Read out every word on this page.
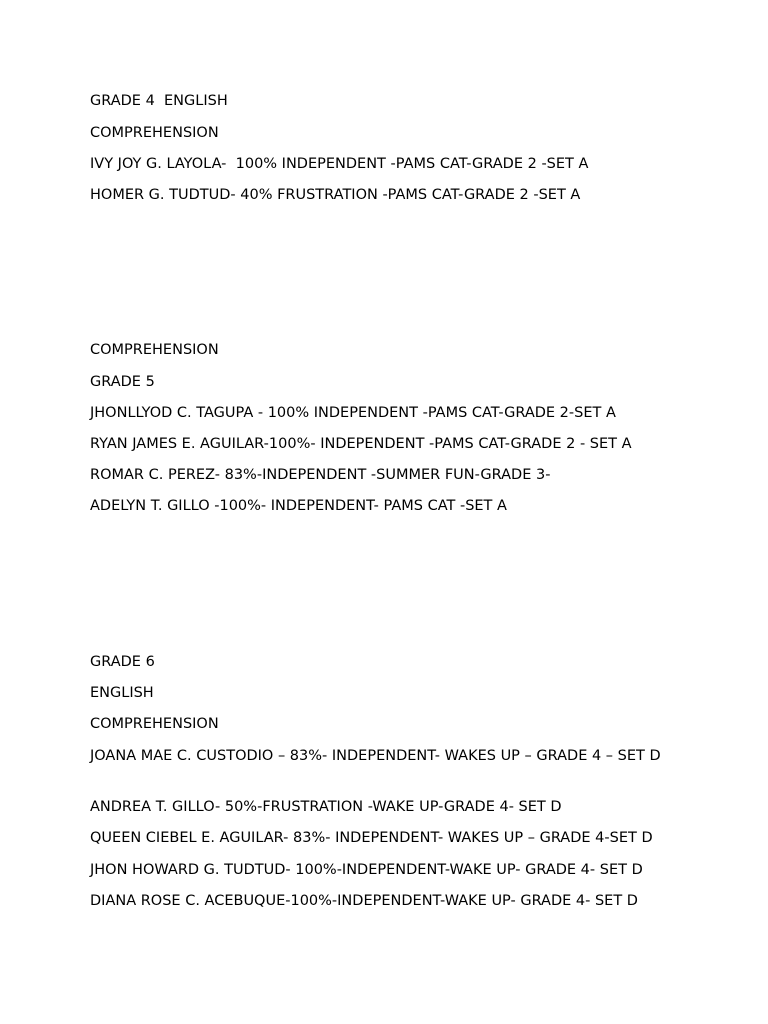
GRADE 4  ENGLISH

COMPREHENSION

IVY JOY G. LAYOLA-  100% INDEPENDENT -PAMS CAT-GRADE 2 -SET A

HOMER G. TUDTUD- 40% FRUSTRATION -PAMS CAT-GRADE 2 -SET A

COMPREHENSION

GRADE 5

JHONLLYOD C. TAGUPA - 100% INDEPENDENT -PAMS CAT-GRADE 2-SET A

RYAN JAMES E. AGUILAR-100%- INDEPENDENT -PAMS CAT-GRADE 2 - SET A

ROMAR C. PEREZ- 83%-INDEPENDENT -SUMMER FUN-GRADE 3-

ADELYN T. GILLO -100%- INDEPENDENT- PAMS CAT -SET A

GRADE 6

ENGLISH

COMPREHENSION

JOANA MAE C. CUSTODIO – 83%- INDEPENDENT- WAKES UP – GRADE 4 – SET D

ANDREA T. GILLO- 50%-FRUSTRATION -WAKE UP-GRADE 4- SET D

QUEEN CIEBEL E. AGUILAR- 83%- INDEPENDENT- WAKES UP – GRADE 4-SET D

JHON HOWARD G. TUDTUD- 100%-INDEPENDENT-WAKE UP- GRADE 4- SET D

DIANA ROSE C. ACEBUQUE-100%-INDEPENDENT-WAKE UP- GRADE 4- SET D
